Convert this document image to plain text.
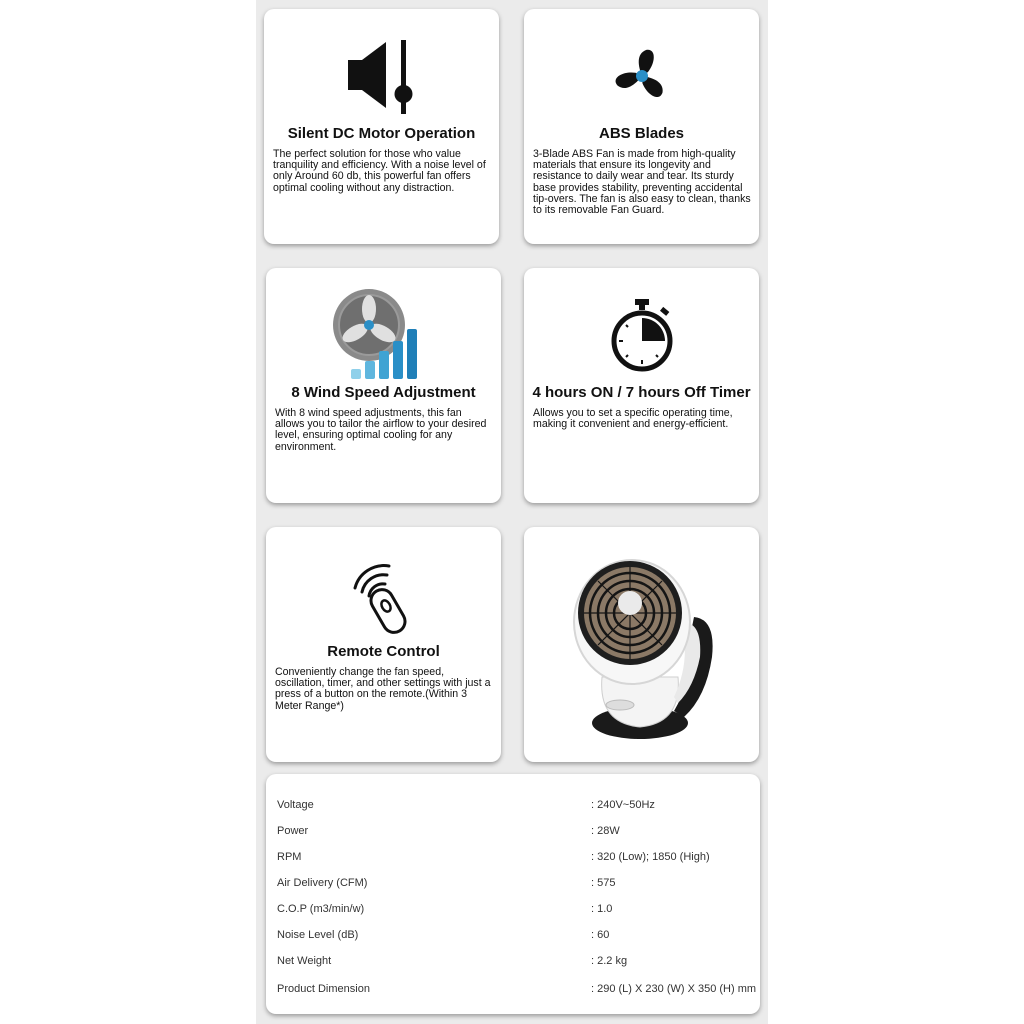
Silent DC Motor Operation

The perfect solution for those who value tranquility and efficiency. With a noise level of only Around 60 db, this powerful fan offers optimal cooling without any distraction.

ABS Blades

3-Blade ABS Fan is made from high-quality materials that ensure its longevity and resistance to daily wear and tear. Its sturdy base provides stability, preventing accidental tip-overs. The fan is also easy to clean, thanks to its removable Fan Guard.

8 Wind Speed Adjustment

With 8 wind speed adjustments, this fan allows you to tailor the airflow to your desired level, ensuring optimal cooling for any environment.

4 hours ON / 7 hours Off Timer

Allows you to set a specific operating time, making it convenient and energy-efficient.

Remote Control

Conveniently change the fan speed, oscillation, timer, and other settings with just a press of a button on the remote.(Within 3 Meter Range*)

Voltage	: 240V~50Hz
Power	: 28W
RPM	: 320 (Low); 1850 (High)
Air Delivery (CFM)	: 575
C.O.P (m3/min/w)	: 1.0
Noise Level (dB)	: 60
Net Weight	: 2.2 kg
Product Dimension	: 290 (L) X 230 (W) X 350 (H) mm
